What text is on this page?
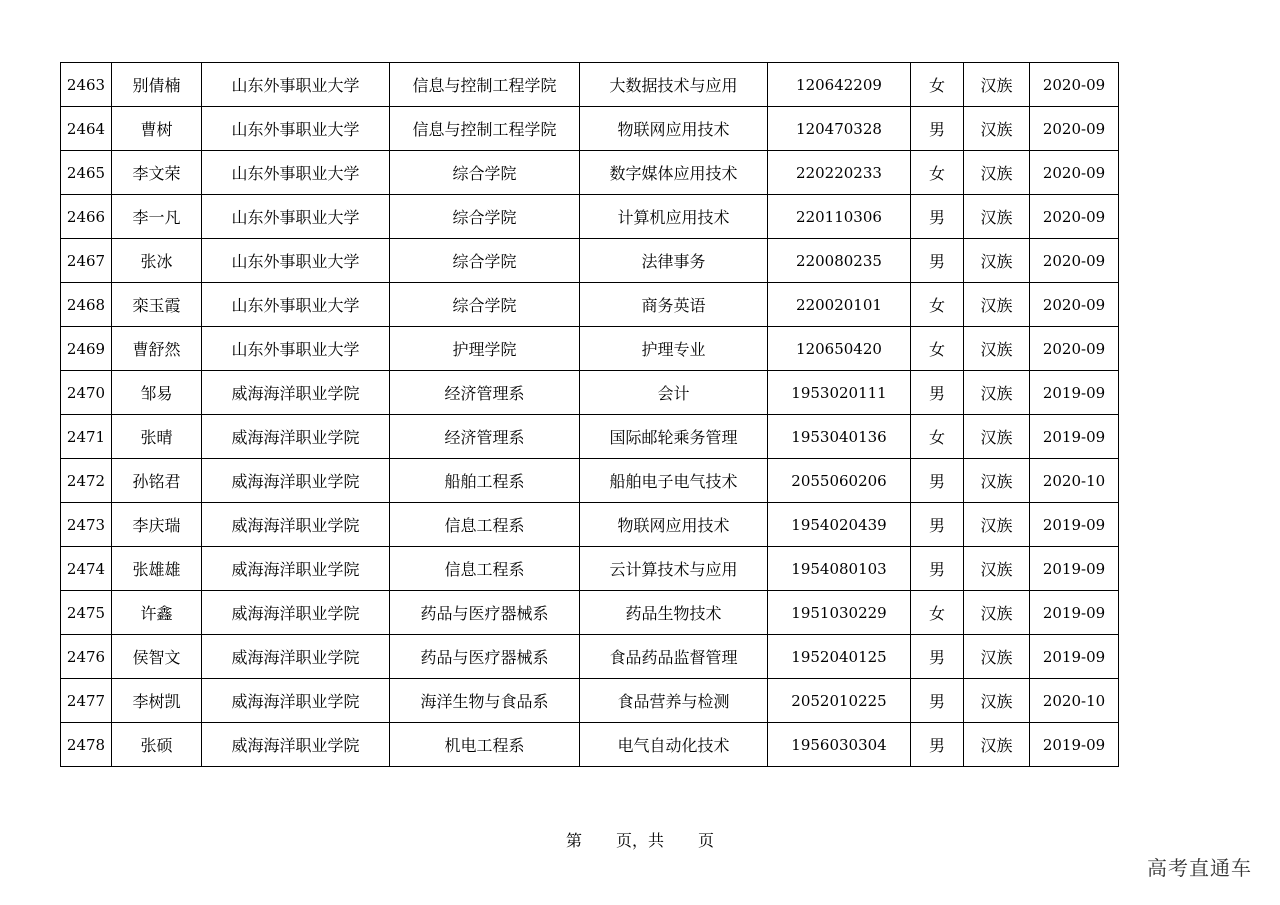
2463	别倩楠	山东外事职业大学	信息与控制工程学院	大数据技术与应用	120642209	女	汉族	2020-09
2464	曹树	山东外事职业大学	信息与控制工程学院	物联网应用技术	120470328	男	汉族	2020-09
2465	李文荣	山东外事职业大学	综合学院	数字媒体应用技术	220220233	女	汉族	2020-09
2466	李一凡	山东外事职业大学	综合学院	计算机应用技术	220110306	男	汉族	2020-09
2467	张冰	山东外事职业大学	综合学院	法律事务	220080235	男	汉族	2020-09
2468	栾玉霞	山东外事职业大学	综合学院	商务英语	220020101	女	汉族	2020-09
2469	曹舒然	山东外事职业大学	护理学院	护理专业	120650420	女	汉族	2020-09
2470	邹易	威海海洋职业学院	经济管理系	会计	1953020111	男	汉族	2019-09
2471	张晴	威海海洋职业学院	经济管理系	国际邮轮乘务管理	1953040136	女	汉族	2019-09
2472	孙铭君	威海海洋职业学院	船舶工程系	船舶电子电气技术	2055060206	男	汉族	2020-10
2473	李庆瑞	威海海洋职业学院	信息工程系	物联网应用技术	1954020439	男	汉族	2019-09
2474	张雄雄	威海海洋职业学院	信息工程系	云计算技术与应用	1954080103	男	汉族	2019-09
2475	许鑫	威海海洋职业学院	药品与医疗器械系	药品生物技术	1951030229	女	汉族	2019-09
2476	侯智文	威海海洋职业学院	药品与医疗器械系	食品药品监督管理	1952040125	男	汉族	2019-09
2477	李树凯	威海海洋职业学院	海洋生物与食品系	食品营养与检测	2052010225	男	汉族	2020-10
2478	张硕	威海海洋职业学院	机电工程系	电气自动化技术	1956030304	男	汉族	2019-09
第 页，共 页
高考直通车
